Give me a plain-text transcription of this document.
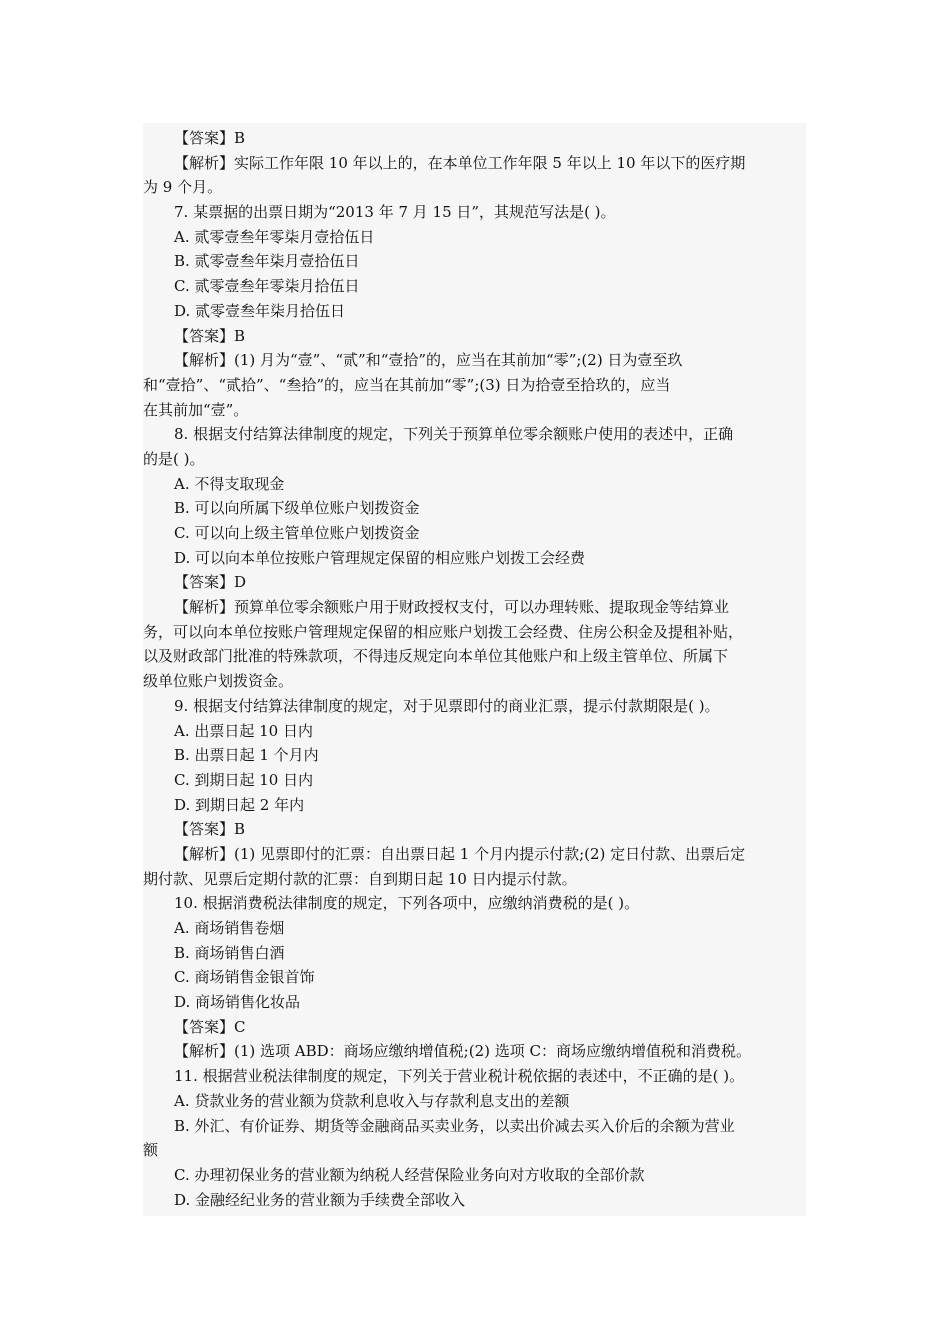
【答案】B
【解析】实际工作年限 10 年以上的，在本单位工作年限 5 年以上 10 年以下的医疗期
为 9 个月。
7. 某票据的出票日期为“2013 年 7 月 15 日”，其规范写法是( )。
A. 贰零壹叁年零柒月壹拾伍日
B. 贰零壹叁年柒月壹拾伍日
C. 贰零壹叁年零柒月拾伍日
D. 贰零壹叁年柒月拾伍日
【答案】B
【解析】(1) 月为“壹”、“贰”和“壹拾”的，应当在其前加“零”;(2) 日为壹至玖
和“壹拾”、“贰拾”、“叁拾”的，应当在其前加“零”;(3) 日为拾壹至拾玖的，应当
在其前加“壹”。
8. 根据支付结算法律制度的规定，下列关于预算单位零余额账户使用的表述中，正确
的是( )。
A. 不得支取现金
B. 可以向所属下级单位账户划拨资金
C. 可以向上级主管单位账户划拨资金
D. 可以向本单位按账户管理规定保留的相应账户划拨工会经费
【答案】D
【解析】预算单位零余额账户用于财政授权支付，可以办理转账、提取现金等结算业
务，可以向本单位按账户管理规定保留的相应账户划拨工会经费、住房公积金及提租补贴，
以及财政部门批准的特殊款项，不得违反规定向本单位其他账户和上级主管单位、所属下
级单位账户划拨资金。
9. 根据支付结算法律制度的规定，对于见票即付的商业汇票，提示付款期限是( )。
A. 出票日起 10 日内
B. 出票日起 1 个月内
C. 到期日起 10 日内
D. 到期日起 2 年内
【答案】B
【解析】(1) 见票即付的汇票：自出票日起 1 个月内提示付款;(2) 定日付款、出票后定
期付款、见票后定期付款的汇票：自到期日起 10 日内提示付款。
10. 根据消费税法律制度的规定，下列各项中，应缴纳消费税的是( )。
A. 商场销售卷烟
B. 商场销售白酒
C. 商场销售金银首饰
D. 商场销售化妆品
【答案】C
【解析】(1) 选项 ABD：商场应缴纳增值税;(2) 选项 C：商场应缴纳增值税和消费税。
11. 根据营业税法律制度的规定，下列关于营业税计税依据的表述中，不正确的是( )。
A. 贷款业务的营业额为贷款利息收入与存款利息支出的差额
B. 外汇、有价证券、期货等金融商品买卖业务，以卖出价减去买入价后的余额为营业
额
C. 办理初保业务的营业额为纳税人经营保险业务向对方收取的全部价款
D. 金融经纪业务的营业额为手续费全部收入
